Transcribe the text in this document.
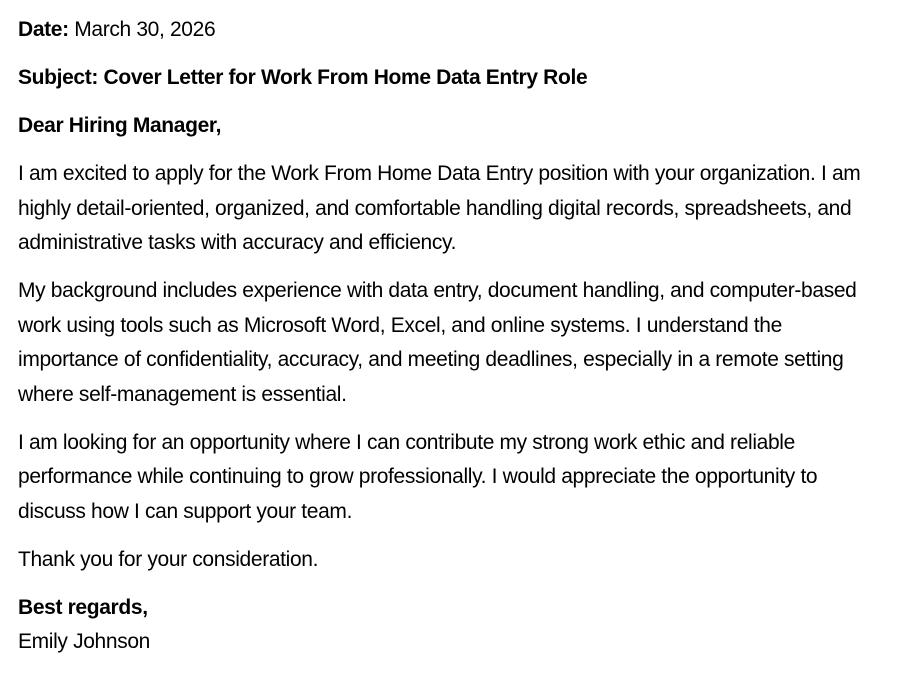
Date: March 30, 2026

Subject: Cover Letter for Work From Home Data Entry Role

Dear Hiring Manager,

I am excited to apply for the Work From Home Data Entry position with your organization. I am highly detail-oriented, organized, and comfortable handling digital records, spreadsheets, and administrative tasks with accuracy and efficiency.

My background includes experience with data entry, document handling, and computer-based work using tools such as Microsoft Word, Excel, and online systems. I understand the importance of confidentiality, accuracy, and meeting deadlines, especially in a remote setting where self-management is essential.

I am looking for an opportunity where I can contribute my strong work ethic and reliable performance while continuing to grow professionally. I would appreciate the opportunity to discuss how I can support your team.

Thank you for your consideration.

Best regards,

Emily Johnson
